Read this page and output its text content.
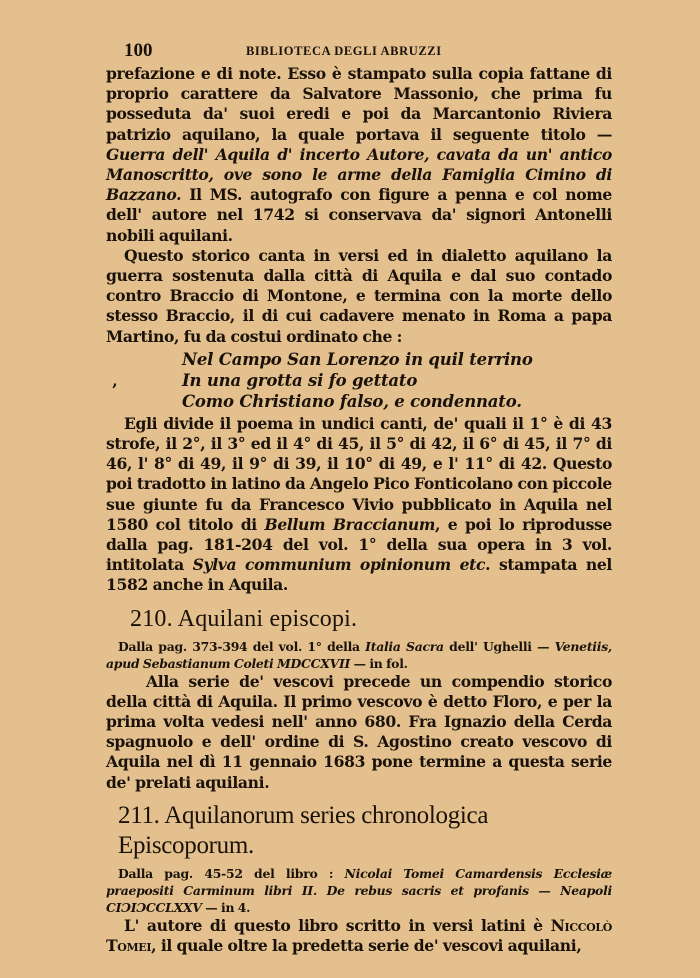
100	BIBLIOTECA DEGLI ABRUZZI

prefazione e di note. Esso è stampato sulla copia fattane di proprio carattere da Salvatore Massonio, che prima fu posseduta da' suoi eredi e poi da Marcantonio Riviera patrizio aquilano, la quale portava il seguente titolo — Guerra dell' Aquila d' incerto Autore, cavata da un' antico Manoscritto, ove sono le arme della Famiglia Cimino di Bazzano. Il MS. autografo con figure a penna e col nome dell' autore nel 1742 si conservava da' signori Antonelli nobili aquilani.

Questo storico canta in versi ed in dialetto aquilano la guerra sostenuta dalla città di Aquila e dal suo contado contro Braccio di Montone, e termina con la morte dello stesso Braccio, il di cui cadavere menato in Roma a papa Martino, fu da costui ordinato che :

‚
Nel Campo San Lorenzo in quil terrino
In una grotta si fo gettato
Como Christiano falso, e condennato.

Egli divide il poema in undici canti, de' quali il 1° è di 43 strofe, il 2°, il 3° ed il 4° di 45, il 5° di 42, il 6° di 45, il 7° di 46, l' 8° di 49, il 9° di 39, il 10° di 49, e l' 11° di 42. Questo poi tradotto in latino da Angelo Pico Fonticolano con piccole sue giunte fu da Francesco Vivio pubblicato in Aquila nel 1580 col titolo di Bellum Braccianum, e poi lo riprodusse dalla pag. 181-204 del vol. 1° della sua opera in 3 vol. intitolata Sylva communium opinionum etc. stampata nel 1582 anche in Aquila.

210. Aquilani episcopi.

Dalla pag. 373-394 del vol. 1° della Italia Sacra dell' Ughelli — Venetiis, apud Sebastianum Coleti MDCCXVII — in fol.

Alla serie de' vescovi precede un compendio storico della città di Aquila. Il primo vescovo è detto Floro, e per la prima volta vedesi nell' anno 680. Fra Ignazio della Cerda spagnuolo e dell' ordine di S. Agostino creato vescovo di Aquila nel dì 11 gennaio 1683 pone termine a questa serie de' prelati aquilani.

211. Aquilanorum series chronologica Episcoporum.

Dalla pag. 45-52 del libro : Nicolai Tomei Camardensis Ecclesiæ praepositi Carminum libri II. De rebus sacris et profanis — Neapoli CIƆIƆCCLXXV — in 4.

L' autore di questo libro scritto in versi latini è Niccolò Tomei, il quale oltre la predetta serie de' vescovi aquilani,
